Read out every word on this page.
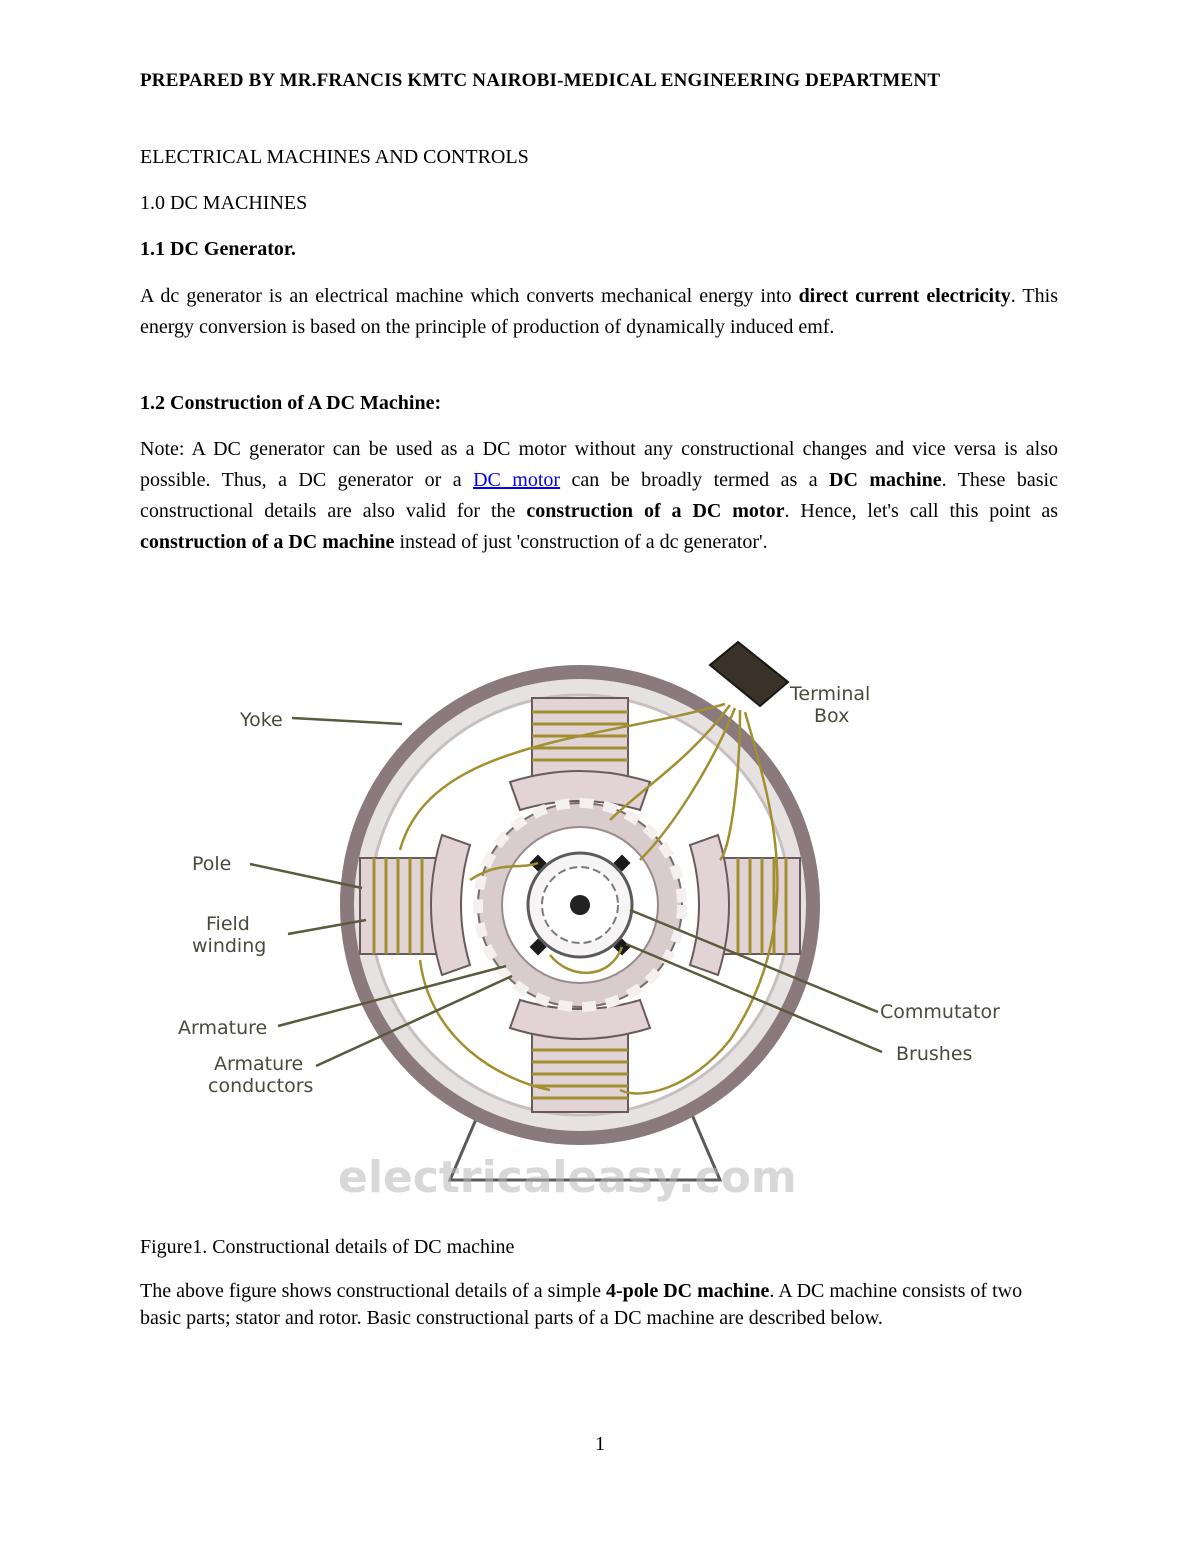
PREPARED BY MR.FRANCIS KMTC NAIROBI-MEDICAL ENGINEERING DEPARTMENT
ELECTRICAL MACHINES AND CONTROLS
1.0 DC MACHINES
1.1 DC Generator.

A dc generator is an electrical machine which converts mechanical energy into direct current electricity. This energy conversion is based on the principle of production of dynamically induced emf.

1.2 Construction of A DC Machine:

Note: A DC generator can be used as a DC motor without any constructional changes and vice versa is also possible. Thus, a DC generator or a DC motor can be broadly termed as a DC machine. These basic constructional details are also valid for the construction of a DC motor. Hence, let's call this point as construction of a DC machine instead of just 'construction of a dc generator'.

Yoke
Terminal
Box
Pole
Field
winding
Armature
Armature
conductors
Commutator
Brushes
electricaleasy.com
Figure1. Constructional details of DC machine
The above figure shows constructional details of a simple 4-pole DC machine. A DC machine consists of two basic parts; stator and rotor. Basic constructional parts of a DC machine are described below.
1
